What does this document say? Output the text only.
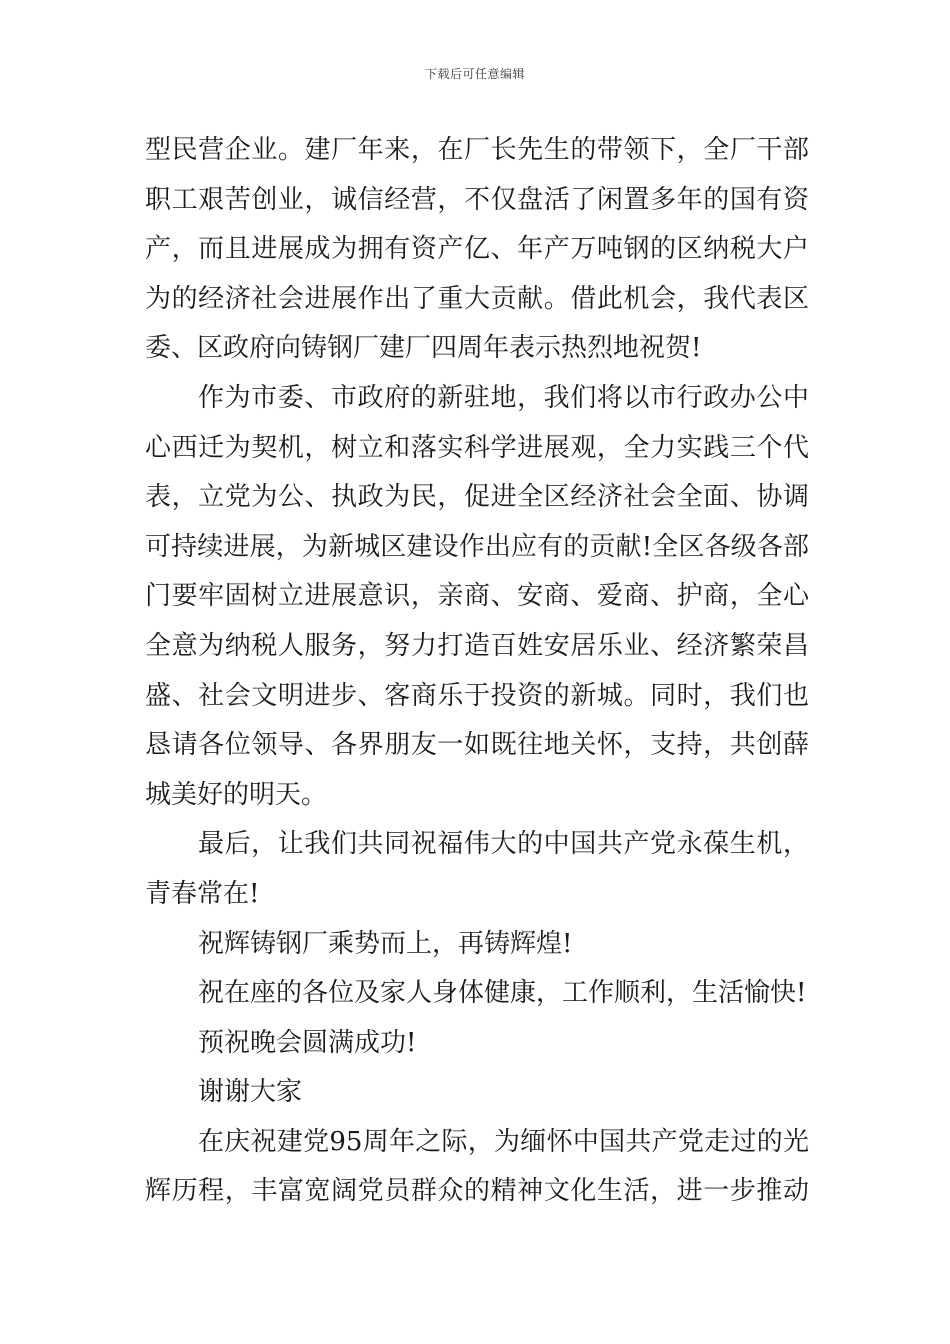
下载后可任意编辑
型民营企业。建厂年来，在厂长先生的带领下，全厂干部
职工艰苦创业，诚信经营，不仅盘活了闲置多年的国有资
产，而且进展成为拥有资产亿、年产万吨钢的区纳税大户
为的经济社会进展作出了重大贡献。借此机会，我代表区
委、区政府向铸钢厂建厂四周年表示热烈地祝贺!
作为市委、市政府的新驻地，我们将以市行政办公中
心西迁为契机，树立和落实科学进展观，全力实践三个代
表，立党为公、执政为民，促进全区经济社会全面、协调
可持续进展，为新城区建设作出应有的贡献!全区各级各部
门要牢固树立进展意识，亲商、安商、爱商、护商，全心
全意为纳税人服务，努力打造百姓安居乐业、经济繁荣昌
盛、社会文明进步、客商乐于投资的新城。同时，我们也
恳请各位领导、各界朋友一如既往地关怀，支持，共创薛
城美好的明天。
最后，让我们共同祝福伟大的中国共产党永葆生机，
青春常在!
祝辉铸钢厂乘势而上，再铸辉煌!
祝在座的各位及家人身体健康，工作顺利，生活愉快!
预祝晚会圆满成功!
谢谢大家
在庆祝建党95周年之际，为缅怀中国共产党走过的光
辉历程，丰富宽阔党员群众的精神文化生活，进一步推动
